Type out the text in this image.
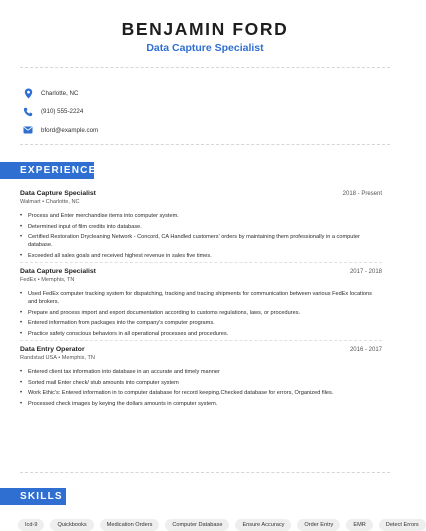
BENJAMIN FORD
Data Capture Specialist
Charlotte, NC
(910) 555-2224
bford@example.com
EXPERIENCE
Data Capture Specialist	2018 - Present
Walmart • Charlotte, NC
•	Process and Enter merchandise items into computer system.
•	Determined input of film credits into database.
•	Certified Restoration Drycleaning Network - Concord, CA Handled customers' orders by maintaining them professionally in a computer database.
•	Exceeded all sales goals and received highest revenue in sales five times.
Data Capture Specialist	2017 - 2018
FedEx • Memphis, TN
•	Used FedEx computer tracking system for dispatching, tracking and tracing shipments for communication between various FedEx locations and brokers.
•	Prepare and process import and export documentation according to customs regulations, laws, or procedures.
•	Entered information from packages into the company's computer programs.
•	Practice safety conscious behaviors in all operational processes and procedures.
Data Entry Operator	2016 - 2017
Randstad USA • Memphis, TN
•	Entered client tax information into database in an accurate and timely manner
•	Sorted mail Enter check/ stub amounts into computer system
•	Work Ethic's: Entered information in to computer database for record keeping.Checked database for errors, Organized files.
•	Processed check images by keying the dollars amounts in computer system.
SKILLS
Icd-9	Quickbooks	Medication Orders	Computer Database	Ensure Accuracy	Order Entry	EMR	Detect Errors
